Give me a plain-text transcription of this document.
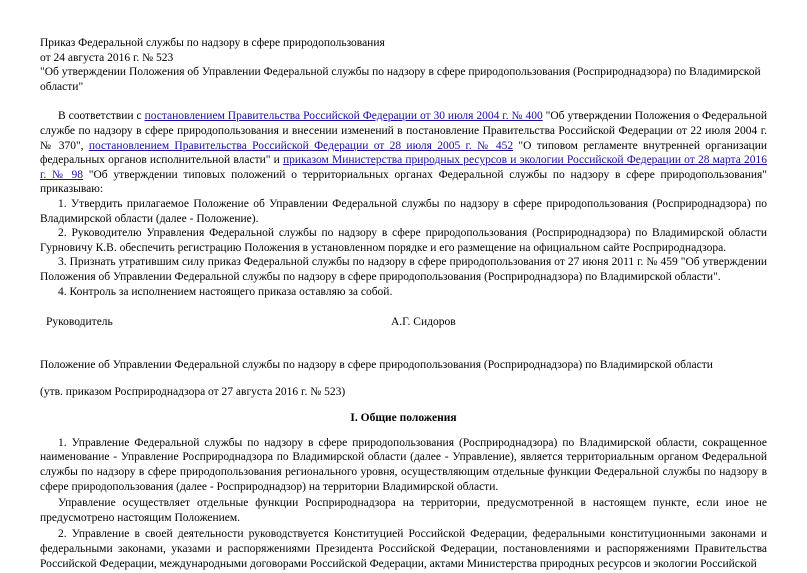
Приказ Федеральной службы по надзору в сфере природопользования

от 24 августа 2016 г. № 523

"Об утверждении Положения об Управлении Федеральной службы по надзору в сфере природопользования (Росприроднадзора) по Владимирской области"

В соответствии с постановлением Правительства Российской Федерации от 30 июля 2004 г. № 400 "Об утверждении Положения о Федеральной службе по надзору в сфере природопользования и внесении изменений в постановление Правительства Российской Федерации от 22 июля 2004 г. № 370", постановлением Правительства Российской Федерации от 28 июля 2005 г. № 452 "О типовом регламенте внутренней организации федеральных органов исполнительной власти" и приказом Министерства природных ресурсов и экологии Российской Федерации от 28 марта 2016 г. № 98 "Об утверждении типовых положений о территориальных органах Федеральной службы по надзору в сфере природопользования" приказываю:

1. Утвердить прилагаемое Положение об Управлении Федеральной службы по надзору в сфере природопользования (Росприроднадзора) по Владимирской области (далее - Положение).

2. Руководителю Управления Федеральной службы по надзору в сфере природопользования (Росприроднадзора) по Владимирской области Гурновичу К.В. обеспечить регистрацию Положения в установленном порядке и его размещение на официальном сайте Росприроднадзора.

3. Признать утратившим силу приказ Федеральной службы по надзору в сфере природопользования от 27 июня 2011 г. № 459 "Об утверждении Положения об Управлении Федеральной службы по надзору в сфере природопользования (Росприроднадзора) по Владимирской области".

4. Контроль за исполнением настоящего приказа оставляю за собой.

Руководитель	А.Г. Сидоров

Положение об Управлении Федеральной службы по надзору в сфере природопользования (Росприроднадзора) по Владимирской области

(утв. приказом Росприроднадзора от 27 августа 2016 г. № 523)

I. Общие положения

1. Управление Федеральной службы по надзору в сфере природопользования (Росприроднадзора) по Владимирской области, сокращенное наименование - Управление Росприроднадзора по Владимирской области (далее - Управление), является территориальным органом Федеральной службы по надзору в сфере природопользования регионального уровня, осуществляющим отдельные функции Федеральной службы по надзору в сфере природопользования (далее - Росприроднадзор) на территории Владимирской области.

Управление осуществляет отдельные функции Росприроднадзора на территории, предусмотренной в настоящем пункте, если иное не предусмотрено настоящим Положением.

2. Управление в своей деятельности руководствуется Конституцией Российской Федерации, федеральными конституционными законами и федеральными законами, указами и распоряжениями Президента Российской Федерации, постановлениями и распоряжениями Правительства Российской Федерации, международными договорами Российской Федерации, актами Министерства природных ресурсов и экологии Российской
